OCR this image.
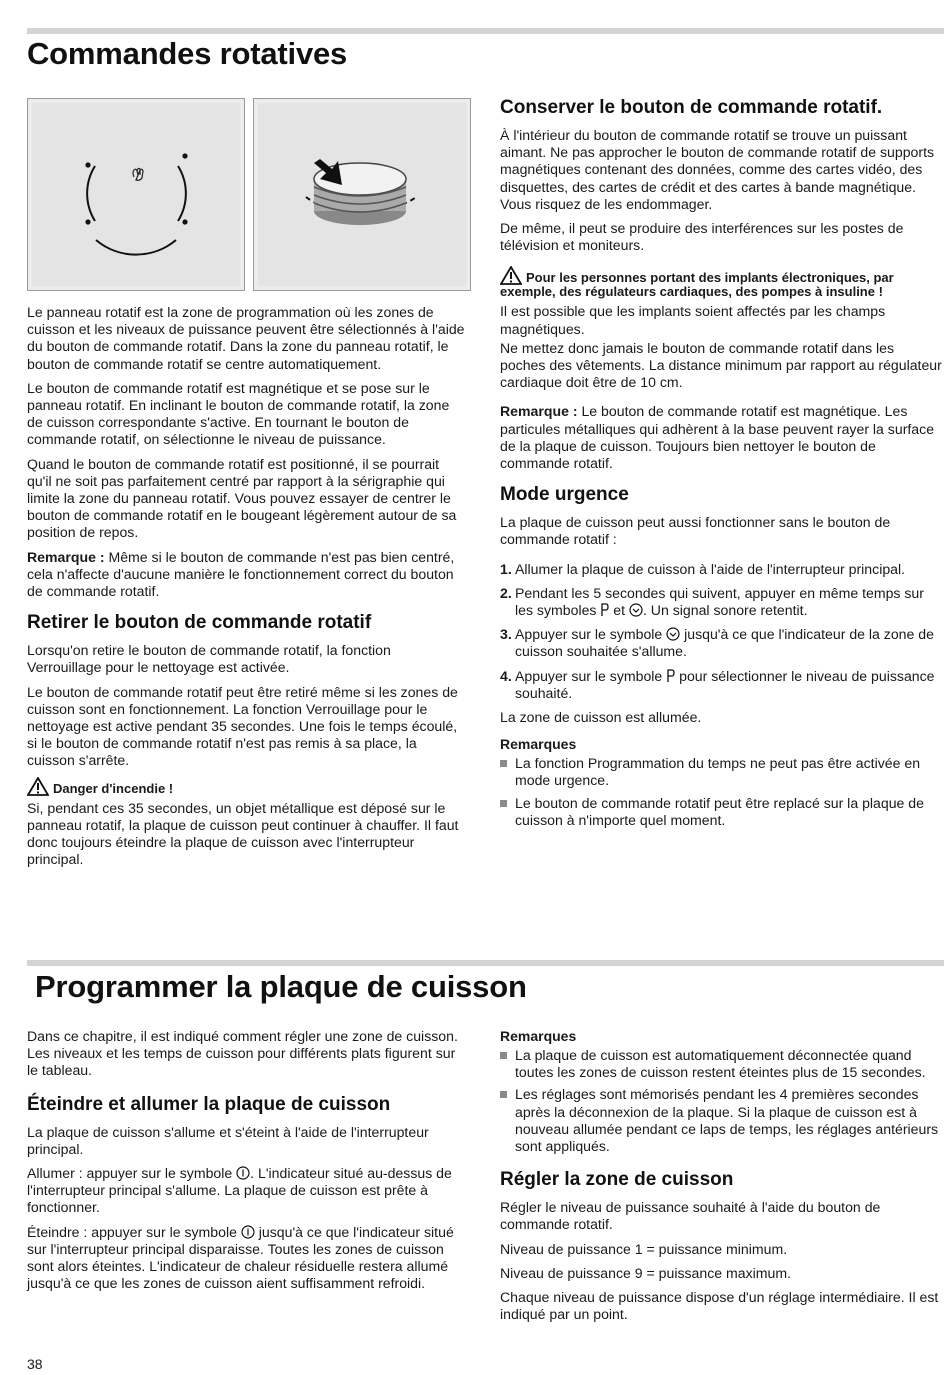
Commandes rotatives

Le panneau rotatif est la zone de programmation où les zones de cuisson et les niveaux de puissance peuvent être sélectionnés à l'aide du bouton de commande rotatif. Dans la zone du panneau rotatif, le bouton de commande rotatif se centre automatiquement.

Le bouton de commande rotatif est magnétique et se pose sur le panneau rotatif. En inclinant le bouton de commande rotatif, la zone de cuisson correspondante s'active. En tournant le bouton de commande rotatif, on sélectionne le niveau de puissance.

Quand le bouton de commande rotatif est positionné, il se pourrait qu'il ne soit pas parfaitement centré par rapport à la sérigraphie qui limite la zone du panneau rotatif. Vous pouvez essayer de centrer le bouton de commande rotatif en le bougeant légèrement autour de sa position de repos.

Remarque : Même si le bouton de commande n'est pas bien centré, cela n'affecte d'aucune manière le fonctionnement correct du bouton de commande rotatif.

Retirer le bouton de commande rotatif

Lorsqu'on retire le bouton de commande rotatif, la fonction Verrouillage pour le nettoyage est activée.

Le bouton de commande rotatif peut être retiré même si les zones de cuisson sont en fonctionnement. La fonction Verrouillage pour le nettoyage est active pendant 35 secondes. Une fois le temps écoulé, si le bouton de commande rotatif n'est pas remis à sa place, la cuisson s'arrête.

Danger d'incendie !

Si, pendant ces 35 secondes, un objet métallique est déposé sur le panneau rotatif, la plaque de cuisson peut continuer à chauffer. Il faut donc toujours éteindre la plaque de cuisson avec l'interrupteur principal.

Conserver le bouton de commande rotatif.

À l'intérieur du bouton de commande rotatif se trouve un puissant aimant. Ne pas approcher le bouton de commande rotatif de supports magnétiques contenant des données, comme des cartes vidéo, des disquettes, des cartes de crédit et des cartes à bande magnétique. Vous risquez de les endommager.

De même, il peut se produire des interférences sur les postes de télévision et moniteurs.

Pour les personnes portant des implants électroniques, par exemple, des régulateurs cardiaques, des pompes à insuline !

Il est possible que les implants soient affectés par les champs magnétiques.

Ne mettez donc jamais le bouton de commande rotatif dans les poches des vêtements. La distance minimum par rapport au régulateur cardiaque doit être de 10 cm.

Remarque : Le bouton de commande rotatif est magnétique. Les particules métalliques qui adhèrent à la base peuvent rayer la surface de la plaque de cuisson. Toujours bien nettoyer le bouton de commande rotatif.

Mode urgence

La plaque de cuisson peut aussi fonctionner sans le bouton de commande rotatif :

1. Allumer la plaque de cuisson à l'aide de l'interrupteur principal.
2. Pendant les 5 secondes qui suivent, appuyer en même temps sur les symboles  et . Un signal sonore retentit.
3. Appuyer sur le symbole  jusqu'à ce que l'indicateur de la zone de cuisson souhaitée s'allume.
4. Appuyer sur le symbole  pour sélectionner le niveau de puissance souhaité.

La zone de cuisson est allumée.

Remarques
La fonction Programmation du temps ne peut pas être activée en mode urgence.
Le bouton de commande rotatif peut être replacé sur la plaque de cuisson à n'importe quel moment.
Programmer la plaque de cuisson

Dans ce chapitre, il est indiqué comment régler une zone de cuisson. Les niveaux et les temps de cuisson pour différents plats figurent sur le tableau.

Éteindre et allumer la plaque de cuisson

La plaque de cuisson s'allume et s'éteint à l'aide de l'interrupteur principal.

Allumer : appuyer sur le symbole . L'indicateur situé au-dessus de l'interrupteur principal s'allume. La plaque de cuisson est prête à fonctionner.

Éteindre : appuyer sur le symbole  jusqu'à ce que l'indicateur situé sur l'interrupteur principal disparaisse. Toutes les zones de cuisson sont alors éteintes. L'indicateur de chaleur résiduelle restera allumé jusqu'à ce que les zones de cuisson aient suffisamment refroidi.

Remarques
La plaque de cuisson est automatiquement déconnectée quand toutes les zones de cuisson restent éteintes plus de 15 secondes.
Les réglages sont mémorisés pendant les 4 premières secondes après la déconnexion de la plaque. Si la plaque de cuisson est à nouveau allumée pendant ce laps de temps, les réglages antérieurs sont appliqués.
Régler la zone de cuisson

Régler le niveau de puissance souhaité à l'aide du bouton de commande rotatif.

Niveau de puissance 1 = puissance minimum.

Niveau de puissance 9 = puissance maximum.

Chaque niveau de puissance dispose d'un réglage intermédiaire. Il est indiqué par un point.

38
